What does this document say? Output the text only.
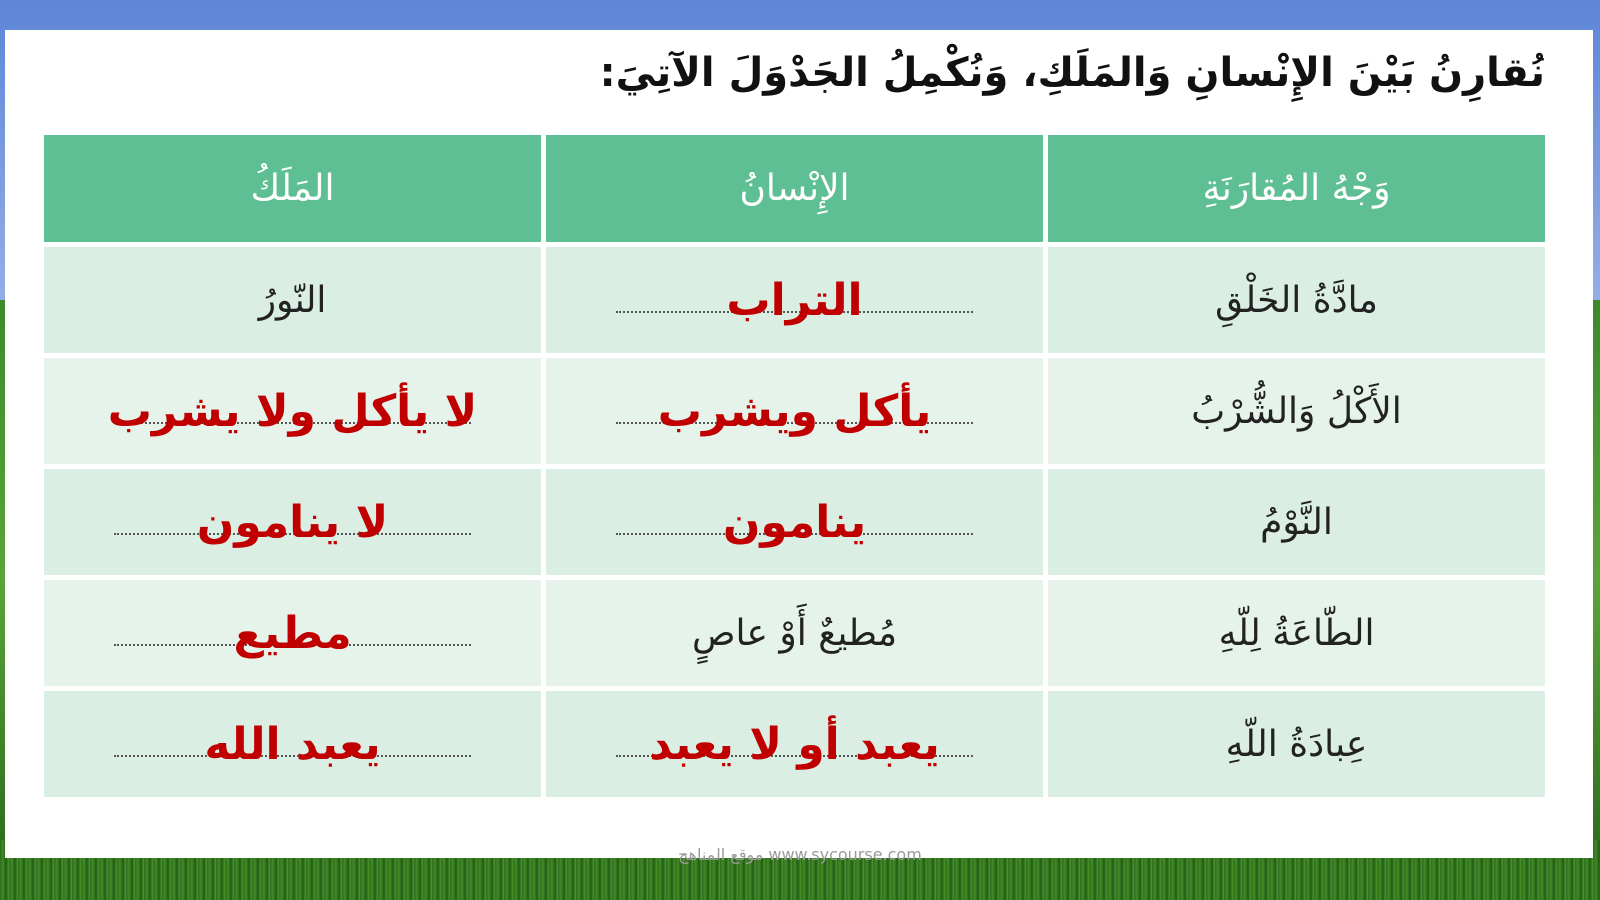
نُقارِنُ بَيْنَ الإِنْسانِ وَالمَلَكِ، وَنُكْمِلُ الجَدْوَلَ الآتِيَ:
وَجْهُ المُقارَنَةِ
الإِنْسانُ
المَلَكُ
مادَّةُ الخَلْقِ
التراب
النّورُ
الأَكْلُ وَالشُّرْبُ
يأكل ويشرب
لا يأكل ولا يشرب
النَّوْمُ
ينامون
لا ينامون
الطّاعَةُ لِلّهِ
مُطيعٌ أَوْ عاصٍ
مطيع
عِبادَةُ اللّهِ
يعبد أو لا يعبد
يعبد الله
موقع المناهج www.sycourse.com
